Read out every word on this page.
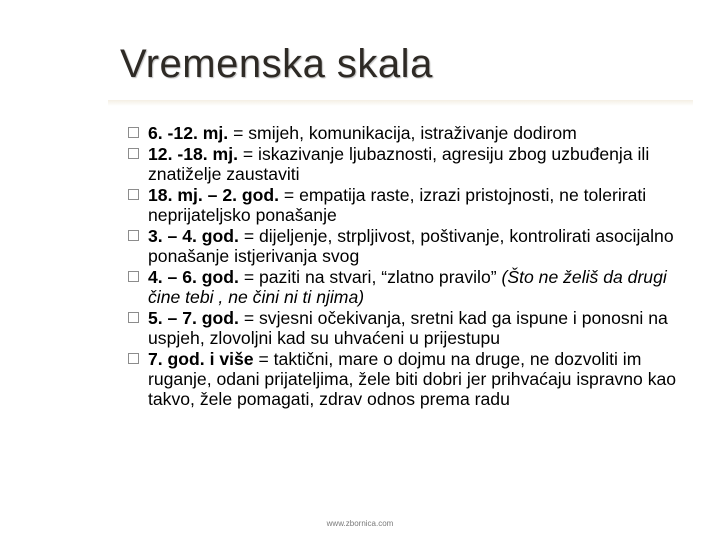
Vremenska skala
6. -12. mj. = smijeh, komunikacija, istraživanje dodirom
12. -18. mj. = iskazivanje ljubaznosti, agresiju zbog uzbuđenja ili znatiželje zaustaviti
18. mj. – 2. god. = empatija raste, izrazi pristojnosti, ne tolerirati neprijateljsko ponašanje
3. – 4. god. = dijeljenje, strpljivost, poštivanje, kontrolirati asocijalno ponašanje istjerivanja svog
4. – 6. god. = paziti na stvari, “zlatno pravilo” (Što ne želiš da drugi čine tebi , ne čini ni ti njima)
5. – 7. god. = svjesni očekivanja, sretni kad ga ispune i ponosni na uspjeh, zlovoljni kad su uhvaćeni u prijestupu
7. god. i više = taktični, mare o dojmu na druge, ne dozvoliti im ruganje, odani prijateljima, žele biti dobri jer prihvaćaju ispravno kao takvo, žele pomagati, zdrav odnos prema radu
www.zbornica.com
